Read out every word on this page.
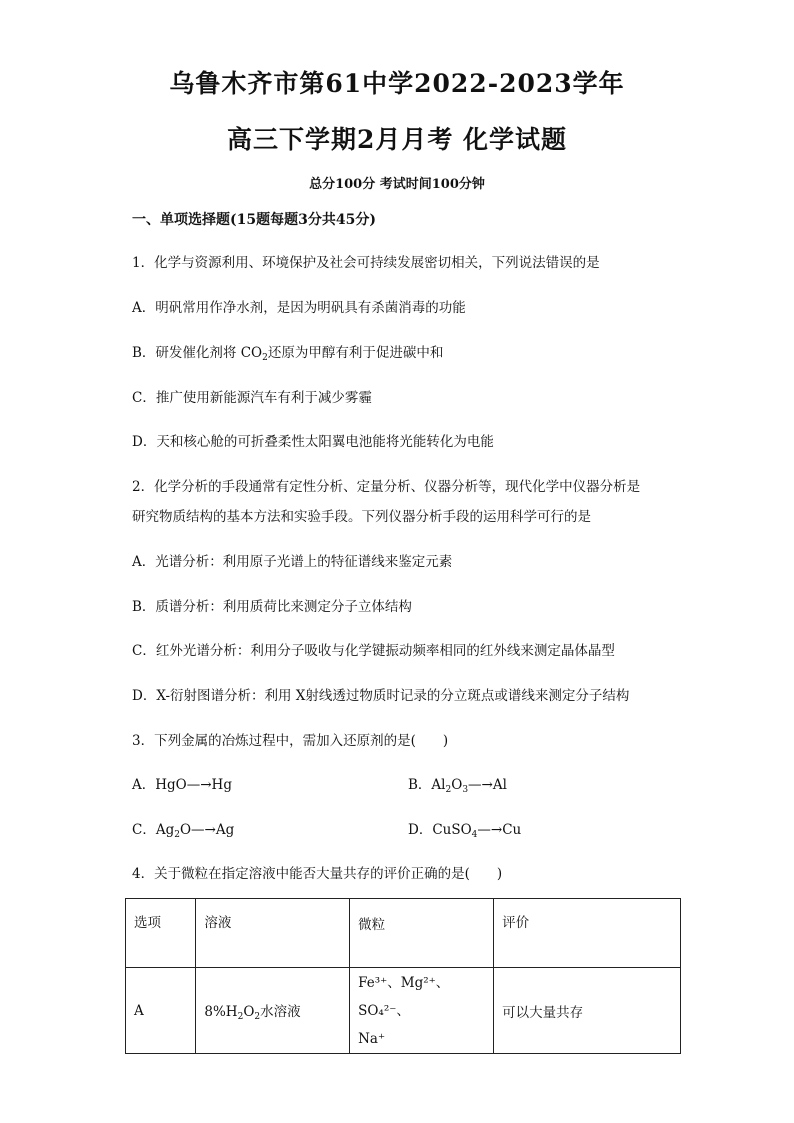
乌鲁木齐市第61中学2022-2023学年
高三下学期2月月考 化学试题
总分100分 考试时间100分钟
一、单项选择题(15题每题3分共45分)
1．化学与资源利用、环境保护及社会可持续发展密切相关，下列说法错误的是
A．明矾常用作净水剂，是因为明矾具有杀菌消毒的功能
B．研发催化剂将 $CO_2$还原为甲醇有利于促进碳中和
C．推广使用新能源汽车有利于减少雾霾
D．天和核心舱的可折叠柔性太阳翼电池能将光能转化为电能
2．化学分析的手段通常有定性分析、定量分析、仪器分析等，现代化学中仪器分析是
研究物质结构的基本方法和实验手段。下列仪器分析手段的运用科学可行的是
A．光谱分析：利用原子光谱上的特征谱线来鉴定元素
B．质谱分析：利用质荷比来测定分子立体结构
C．红外光谱分析：利用分子吸收与化学键振动频率相同的红外线来测定晶体晶型
D．X-衍射图谱分析：利用 X射线透过物质时记录的分立斑点或谱线来测定分子结构
3．下列金属的冶炼过程中，需加入还原剂的是(　　)
A．HgO—→Hg	B．$Al_2O_3—\to Al$
C．$Ag_2O—\to Ag$	D．CuSO$_4$—→Cu
4．关于微粒在指定溶液中能否大量共存的评价正确的是(　　)
选项	溶液	微粒	评价
A	$8\%H_2O_2$水溶液	Fe³⁺、Mg²⁺、SO₄²⁻、
Na⁺	可以大量共存
